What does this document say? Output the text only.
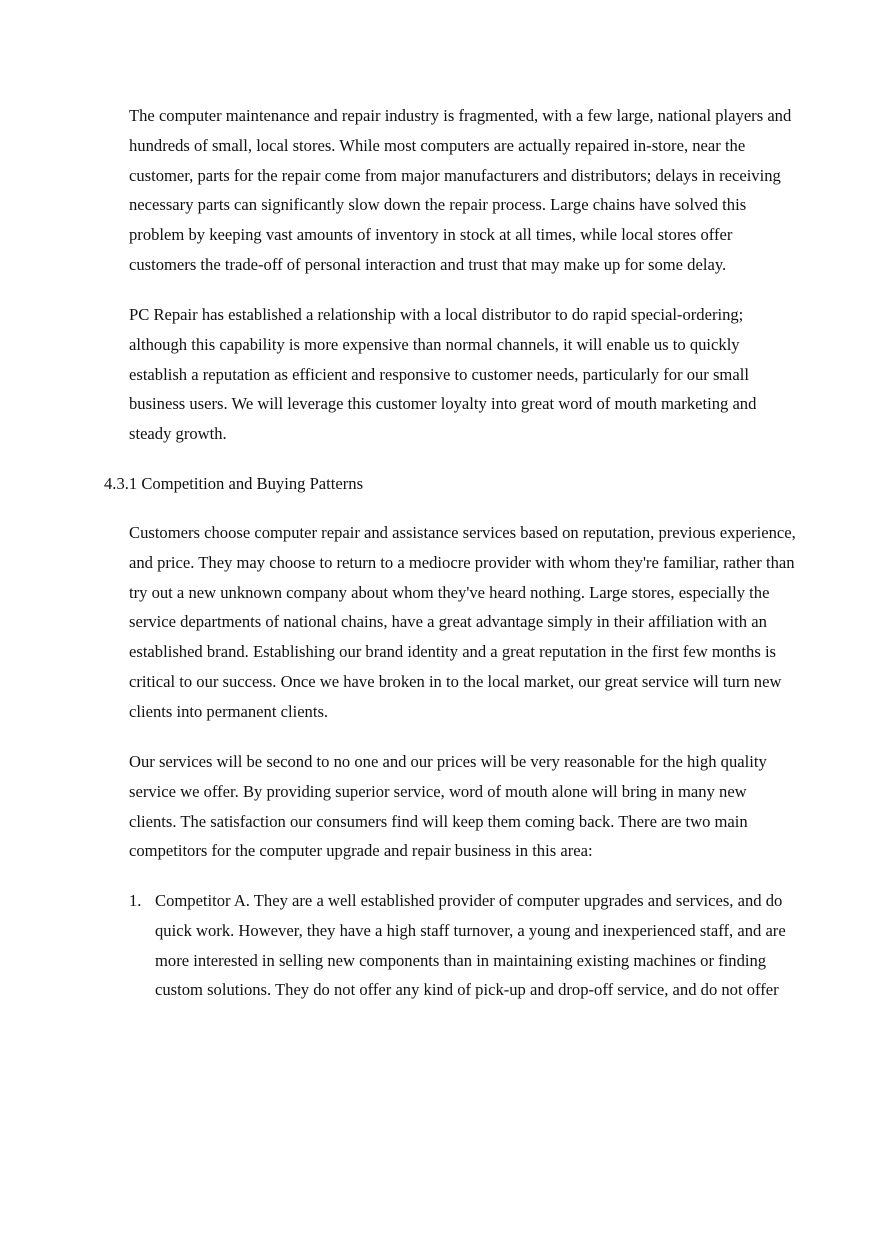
The computer maintenance and repair industry is fragmented, with a few large, national players and
hundreds of small, local stores. While most computers are actually repaired in-store, near the
customer, parts for the repair come from major manufacturers and distributors; delays in receiving
necessary parts can significantly slow down the repair process. Large chains have solved this
problem by keeping vast amounts of inventory in stock at all times, while local stores offer
customers the trade-off of personal interaction and trust that may make up for some delay.

PC Repair has established a relationship with a local distributor to do rapid special-ordering;
although this capability is more expensive than normal channels, it will enable us to quickly
establish a reputation as efficient and responsive to customer needs, particularly for our small
business users. We will leverage this customer loyalty into great word of mouth marketing and
steady growth.

4.3.1 Competition and Buying Patterns

Customers choose computer repair and assistance services based on reputation, previous experience,
and price. They may choose to return to a mediocre provider with whom they're familiar, rather than
try out a new unknown company about whom they've heard nothing. Large stores, especially the
service departments of national chains, have a great advantage simply in their affiliation with an
established brand. Establishing our brand identity and a great reputation in the first few months is
critical to our success. Once we have broken in to the local market, our great service will turn new
clients into permanent clients.

Our services will be second to no one and our prices will be very reasonable for the high quality
service we offer. By providing superior service, word of mouth alone will bring in many new
clients. The satisfaction our consumers find will keep them coming back. There are two main
competitors for the computer upgrade and repair business in this area:

1. Competitor A. They are a well established provider of computer upgrades and services, and do
quick work. However, they have a high staff turnover, a young and inexperienced staff, and are
more interested in selling new components than in maintaining existing machines or finding
custom solutions. They do not offer any kind of pick-up and drop-off service, and do not offer
